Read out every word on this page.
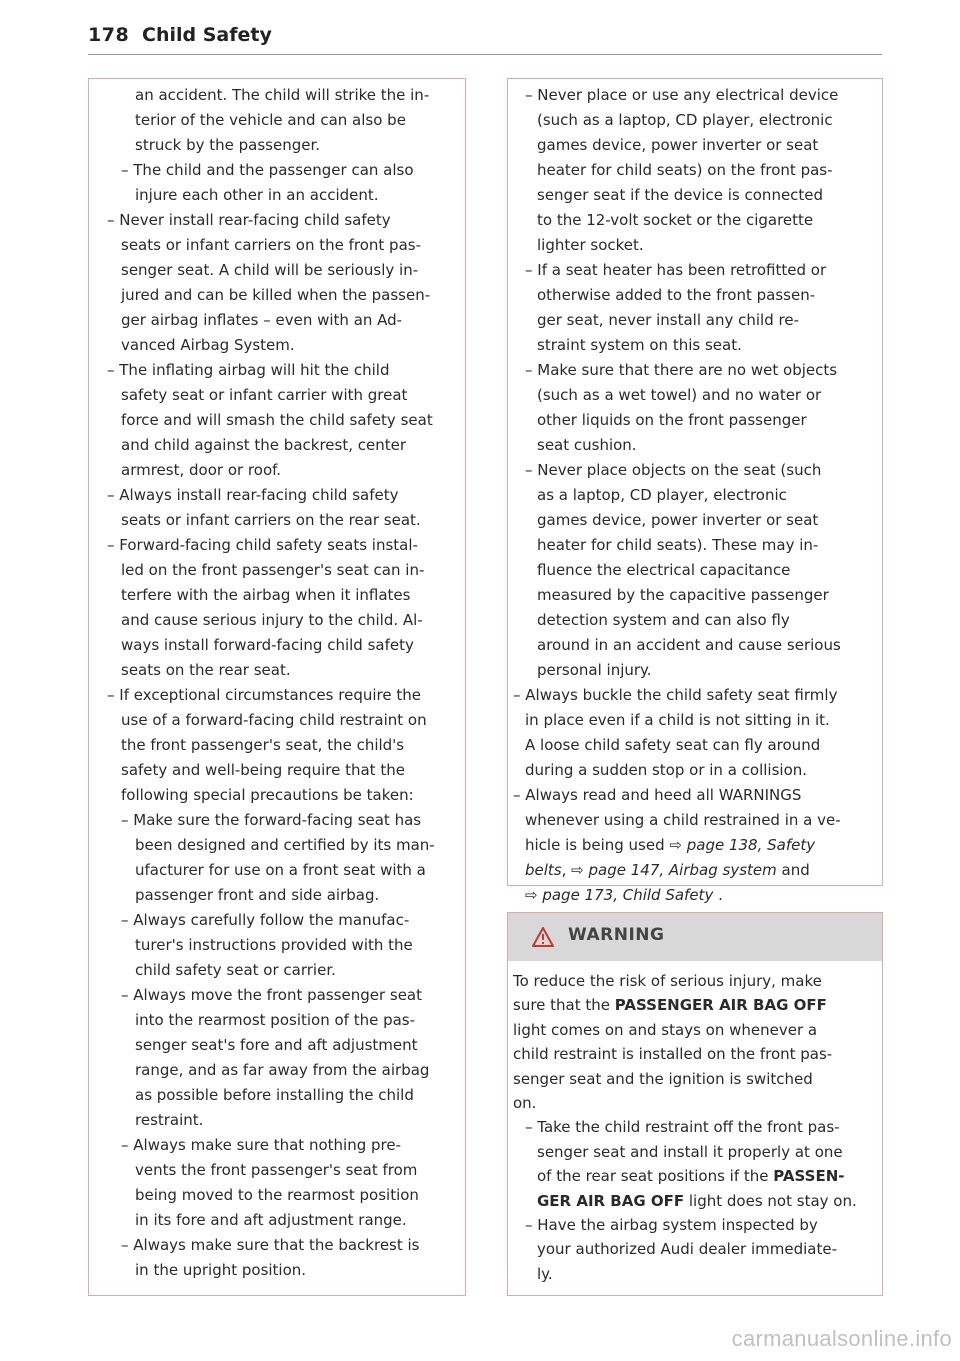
178 Child Safety
an accident. The child will strike the in-
terior of the vehicle and can also be
struck by the passenger.
– The child and the passenger can also
injure each other in an accident.
– Never install rear-facing child safety
seats or infant carriers on the front pas-
senger seat. A child will be seriously in-
jured and can be killed when the passen-
ger airbag inflates – even with an Ad-
vanced Airbag System.
– The inflating airbag will hit the child
safety seat or infant carrier with great
force and will smash the child safety seat
and child against the backrest, center
armrest, door or roof.
– Always install rear-facing child safety
seats or infant carriers on the rear seat.
– Forward-facing child safety seats instal-
led on the front passenger's seat can in-
terfere with the airbag when it inflates
and cause serious injury to the child. Al-
ways install forward-facing child safety
seats on the rear seat.
– If exceptional circumstances require the
use of a forward-facing child restraint on
the front passenger's seat, the child's
safety and well-being require that the
following special precautions be taken:
– Make sure the forward-facing seat has
been designed and certified by its man-
ufacturer for use on a front seat with a
passenger front and side airbag.
– Always carefully follow the manufac-
turer's instructions provided with the
child safety seat or carrier.
– Always move the front passenger seat
into the rearmost position of the pas-
senger seat's fore and aft adjustment
range, and as far away from the airbag
as possible before installing the child
restraint.
– Always make sure that nothing pre-
vents the front passenger's seat from
being moved to the rearmost position
in its fore and aft adjustment range.
– Always make sure that the backrest is
in the upright position.
– Never place or use any electrical device
(such as a laptop, CD player, electronic
games device, power inverter or seat
heater for child seats) on the front pas-
senger seat if the device is connected
to the 12-volt socket or the cigarette
lighter socket.
– If a seat heater has been retrofitted or
otherwise added to the front passen-
ger seat, never install any child re-
straint system on this seat.
– Make sure that there are no wet objects
(such as a wet towel) and no water or
other liquids on the front passenger
seat cushion.
– Never place objects on the seat (such
as a laptop, CD player, electronic
games device, power inverter or seat
heater for child seats). These may in-
fluence the electrical capacitance
measured by the capacitive passenger
detection system and can also fly
around in an accident and cause serious
personal injury.
– Always buckle the child safety seat firmly
in place even if a child is not sitting in it.
A loose child safety seat can fly around
during a sudden stop or in a collision.
– Always read and heed all WARNINGS
whenever using a child restrained in a ve-
hicle is being used ⇨ page 138, Safety
belts, ⇨ page 147, Airbag system and
⇨ page 173, Child Safety .
WARNING
To reduce the risk of serious injury, make
sure that the PASSENGER AIR BAG OFF
light comes on and stays on whenever a
child restraint is installed on the front pas-
senger seat and the ignition is switched
on.
– Take the child restraint off the front pas-
senger seat and install it properly at one
of the rear seat positions if the PASSEN-
GER AIR BAG OFF light does not stay on.
– Have the airbag system inspected by
your authorized Audi dealer immediate-
ly.
carmanualsonline.info
